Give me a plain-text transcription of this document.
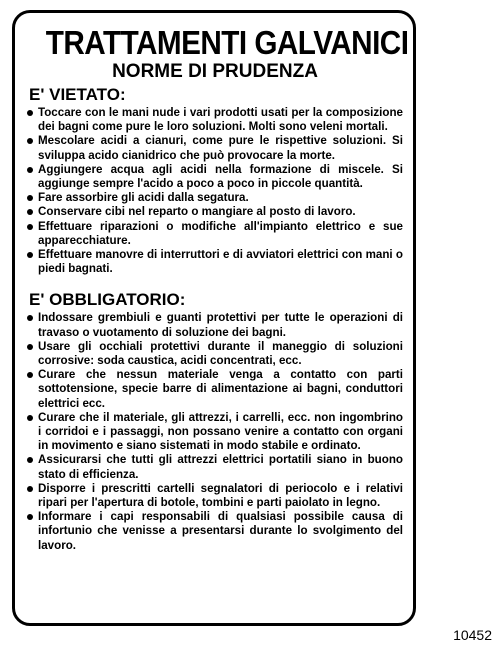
TRATTAMENTI GALVANICI
NORME DI PRUDENZA
E' VIETATO:
Toccare con le mani nude i vari prodotti usati per la composizione dei bagni come pure le loro soluzioni. Molti sono veleni mortali.
Mescolare acidi a cianuri, come pure le rispettive soluzioni. Si sviluppa acido cianidrico che può provocare la morte.
Aggiungere acqua agli acidi nella formazione di miscele. Si aggiunge sempre l'acido a poco a poco in piccole quantità.
Fare assorbire gli acidi dalla segatura.
Conservare cibi nel reparto o mangiare al posto di lavoro.
Effettuare riparazioni o modifiche all'impianto elettrico e sue apparecchiature.
Effettuare manovre di interruttori e di avviatori elettrici con mani o piedi bagnati.
E' OBBLIGATORIO:
Indossare grembiuli e guanti protettivi per tutte le operazioni di travaso o vuotamento di soluzione dei bagni.
Usare gli occhiali protettivi durante il maneggio di soluzioni corrosive: soda caustica, acidi concentrati, ecc.
Curare che nessun materiale venga a contatto con parti sottotensione, specie barre di alimentazione ai bagni, conduttori elettrici ecc.
Curare che il materiale, gli attrezzi, i carrelli, ecc. non ingombrino i corridoi e i passaggi, non possano venire a contatto con organi in movimento e siano sistemati in modo stabile e ordinato.
Assicurarsi che tutti gli attrezzi elettrici portatili siano in buono stato di efficienza.
Disporre i prescritti cartelli segnalatori di periocolo e i relativi ripari per l'apertura di botole, tombini e parti paiolato in legno.
Informare i capi responsabili di qualsiasi possibile causa di infortunio che venisse a presentarsi durante lo svolgimento del lavoro.
10452
